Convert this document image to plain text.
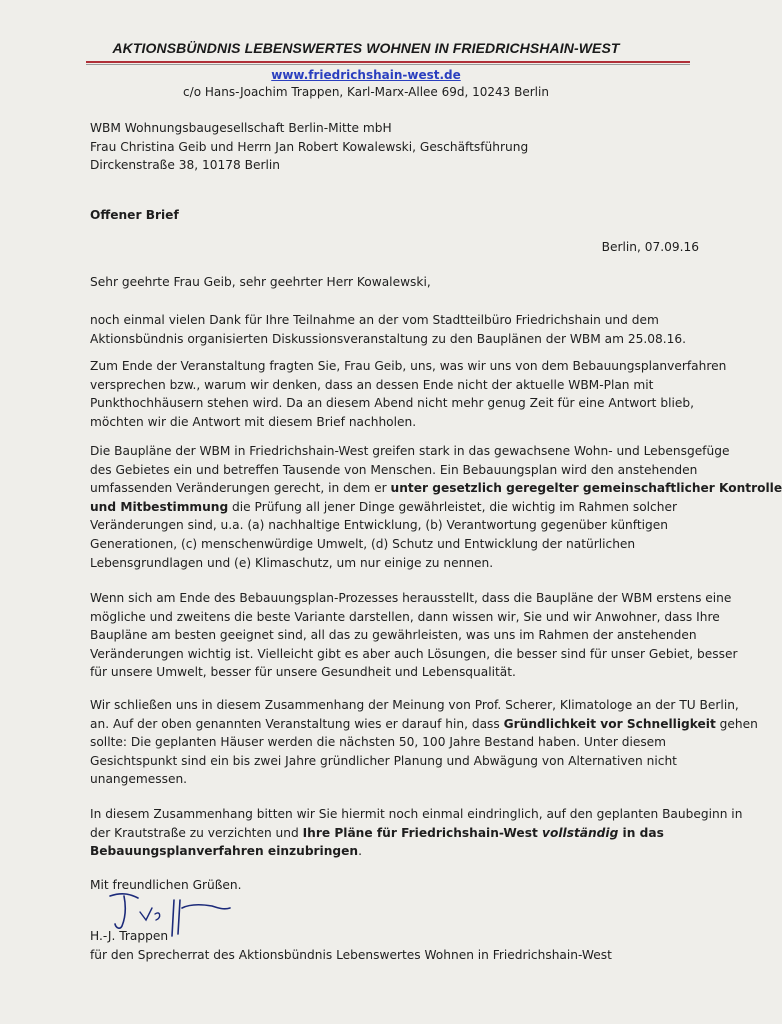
AKTIONSBÜNDNIS LEBENSWERTES WOHNEN IN FRIEDRICHSHAIN-WEST
www.friedrichshain-west.de
c/o Hans-Joachim Trappen, Karl-Marx-Allee 69d, 10243 Berlin
WBM Wohnungsbaugesellschaft Berlin-Mitte mbH
Frau Christina Geib und Herrn Jan Robert Kowalewski, Geschäftsführung
Dirckenstraße 38, 10178 Berlin
Offener Brief
Berlin, 07.09.16
Sehr geehrte Frau Geib, sehr geehrter Herr Kowalewski,
noch einmal vielen Dank für Ihre Teilnahme an der vom Stadtteilbüro Friedrichshain und dem
Aktionsbündnis organisierten Diskussionsveranstaltung zu den Bauplänen der WBM am 25.08.16.
Zum Ende der Veranstaltung fragten Sie, Frau Geib, uns, was wir uns von dem Bebauungsplanverfahren
versprechen bzw., warum wir denken, dass an dessen Ende nicht der aktuelle WBM-Plan mit
Punkthochhäusern stehen wird. Da an diesem Abend nicht mehr genug Zeit für eine Antwort blieb,
möchten wir die Antwort mit diesem Brief nachholen.
Die Baupläne der WBM in Friedrichshain-West greifen stark in das gewachsene Wohn- und Lebensgefüge
des Gebietes ein und betreffen Tausende von Menschen. Ein Bebauungsplan wird den anstehenden
umfassenden Veränderungen gerecht, in dem er unter gesetzlich geregelter gemeinschaftlicher Kontrolle
und Mitbestimmung die Prüfung all jener Dinge gewährleistet, die wichtig im Rahmen solcher
Veränderungen sind, u.a. (a) nachhaltige Entwicklung, (b) Verantwortung gegenüber künftigen
Generationen, (c) menschenwürdige Umwelt, (d) Schutz und Entwicklung der natürlichen
Lebensgrundlagen und (e) Klimaschutz, um nur einige zu nennen.
Wenn sich am Ende des Bebauungsplan-Prozesses herausstellt, dass die Baupläne der WBM erstens eine
mögliche und zweitens die beste Variante darstellen, dann wissen wir, Sie und wir Anwohner, dass Ihre
Baupläne am besten geeignet sind, all das zu gewährleisten, was uns im Rahmen der anstehenden
Veränderungen wichtig ist. Vielleicht gibt es aber auch Lösungen, die besser sind für unser Gebiet, besser
für unsere Umwelt, besser für unsere Gesundheit und Lebensqualität.
Wir schließen uns in diesem Zusammenhang der Meinung von Prof. Scherer, Klimatologe an der TU Berlin,
an. Auf der oben genannten Veranstaltung wies er darauf hin, dass Gründlichkeit vor Schnelligkeit gehen
sollte: Die geplanten Häuser werden die nächsten 50, 100 Jahre Bestand haben. Unter diesem
Gesichtspunkt sind ein bis zwei Jahre gründlicher Planung und Abwägung von Alternativen nicht
unangemessen.
In diesem Zusammenhang bitten wir Sie hiermit noch einmal eindringlich, auf den geplanten Baubeginn in
der Krautstraße zu verzichten und Ihre Pläne für Friedrichshain-West vollständig in das
Bebauungsplanverfahren einzubringen.
Mit freundlichen Grüßen.
H.-J. Trappen
für den Sprecherrat des Aktionsbündnis Lebenswertes Wohnen in Friedrichshain-West
